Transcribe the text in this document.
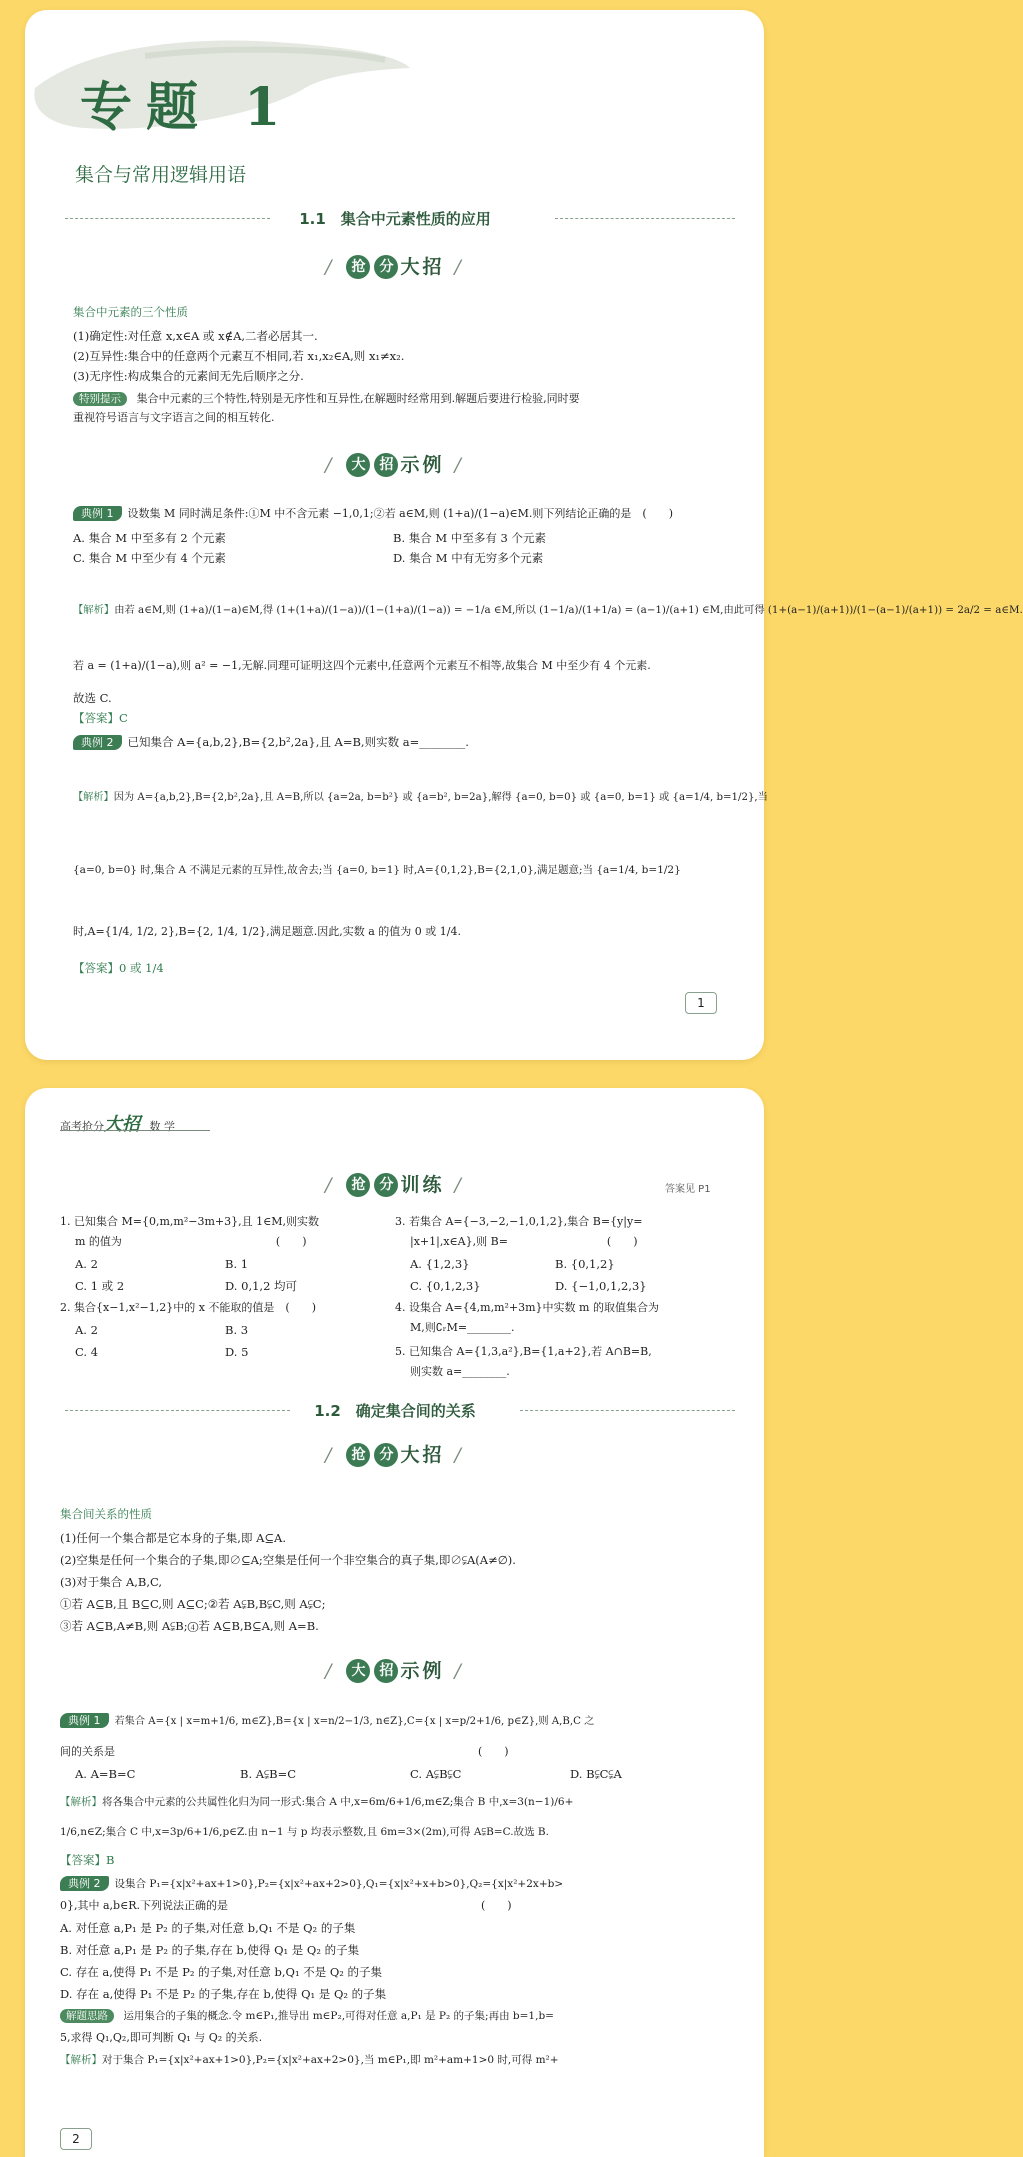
专题 1
集合与常用逻辑用语
1.1　集合中元素性质的应用
/ 抢 分 大招 /
集合中元素的三个性质
(1)确定性:对任意 x,x∈A 或 x∉A,二者必居其一.
(2)互异性:集合中的任意两个元素互不相同,若 x₁,x₂∈A,则 x₁≠x₂.
(3)无序性:构成集合的元素间无先后顺序之分.
特别提示 集合中元素的三个特性,特别是无序性和互异性,在解题时经常用到.解题后要进行检验,同时要
重视符号语言与文字语言之间的相互转化.
/ 大 招 示例 /
典例 1 设数集 M 同时满足条件:①M 中不含元素 −1,0,1;②若 a∈M,则 (1+a)/(1−a)∈M.则下列结论正确的是　(　　)
A. 集合 M 中至多有 2 个元素	B. 集合 M 中至多有 3 个元素
C. 集合 M 中至少有 4 个元素	D. 集合 M 中有无穷多个元素
【解析】由若 a∈M,则 (1+a)/(1−a)∈M,得 (1+(1+a)/(1−a))/(1−(1+a)/(1−a)) = −1/a ∈M,所以 (1−1/a)/(1+1/a) = (a−1)/(a+1) ∈M,由此可得 (1+(a−1)/(a+1))/(1−(a−1)/(a+1)) = 2a/2 = a∈M.
若 a = (1+a)/(1−a),则 a² = −1,无解.同理可证明这四个元素中,任意两个元素互不相等,故集合 M 中至少有 4 个元素.
故选 C.
【答案】C
典例 2 已知集合 A={a,b,2},B={2,b²,2a},且 A=B,则实数 a=________.
【解析】因为 A={a,b,2},B={2,b²,2a},且 A=B,所以 {a=2a, b=b²} 或 {a=b², b=2a},解得 {a=0, b=0} 或 {a=0, b=1} 或 {a=1/4, b=1/2},当
{a=0, b=0} 时,集合 A 不满足元素的互异性,故舍去;当 {a=0, b=1} 时,A={0,1,2},B={2,1,0},满足题意;当 {a=1/4, b=1/2}
时,A={1/4, 1/2, 2},B={2, 1/4, 1/2},满足题意.因此,实数 a 的值为 0 或 1/4.
【答案】0 或 1/4
1
高考抢分大招 数 学
/ 抢 分 训练 /	答案见 P1
1. 已知集合 M={0,m,m²−3m+3},且 1∈M,则实数
m 的值为　　　　　　　　　　　　　　(　　)
A. 2	B. 1
C. 1 或 2	D. 0,1,2 均可
2. 集合{x−1,x²−1,2}中的 x 不能取的值是　(　　)
A. 2	B. 3
C. 4	D. 5
3. 若集合 A={−3,−2,−1,0,1,2},集合 B={y|y=
|x+1|,x∈A},则 B=　　　　　　　　　(　　)
A. {1,2,3}	B. {0,1,2}
C. {0,1,2,3}	D. {−1,0,1,2,3}
4. 设集合 A={4,m,m²+3m}中实数 m 的取值集合为
M,则∁ᵣM=________.
5. 已知集合 A={1,3,a²},B={1,a+2},若 A∩B=B,
则实数 a=________.
1.2　确定集合间的关系
/ 抢 分 大招 /
集合间关系的性质
(1)任何一个集合都是它本身的子集,即 A⊆A.
(2)空集是任何一个集合的子集,即∅⊆A;空集是任何一个非空集合的真子集,即∅⫋A(A≠∅).
(3)对于集合 A,B,C,
①若 A⊆B,且 B⊆C,则 A⊆C;②若 A⫋B,B⫋C,则 A⫋C;
③若 A⊆B,A≠B,则 A⫋B;④若 A⊆B,B⊆A,则 A=B.
/ 大 招 示例 /
典例 1 若集合 A={x | x=m+1/6, m∈Z},B={x | x=n/2−1/3, n∈Z},C={x | x=p/2+1/6, p∈Z},则 A,B,C 之
间的关系是　　　　　　　　　　　　　　　　　　　　　　　　　　　　　　　　　(　　)
A. A=B=C	B. A⫋B=C	C. A⫋B⫋C	D. B⫋C⫋A
【解析】将各集合中元素的公共属性化归为同一形式:集合 A 中,x=6m/6+1/6,m∈Z;集合 B 中,x=3(n−1)/6+
1/6,n∈Z;集合 C 中,x=3p/6+1/6,p∈Z.由 n−1 与 p 均表示整数,且 6m=3×(2m),可得 A⫋B=C.故选 B.
【答案】B
典例 2 设集合 P₁={x|x²+ax+1>0},P₂={x|x²+ax+2>0},Q₁={x|x²+x+b>0},Q₂={x|x²+2x+b>
0},其中 a,b∈R.下列说法正确的是　　　　　　　　　　　　　　　　　　　　　　　(　　)
A. 对任意 a,P₁ 是 P₂ 的子集,对任意 b,Q₁ 不是 Q₂ 的子集
B. 对任意 a,P₁ 是 P₂ 的子集,存在 b,使得 Q₁ 是 Q₂ 的子集
C. 存在 a,使得 P₁ 不是 P₂ 的子集,对任意 b,Q₁ 不是 Q₂ 的子集
D. 存在 a,使得 P₁ 不是 P₂ 的子集,存在 b,使得 Q₁ 是 Q₂ 的子集
解题思路 运用集合的子集的概念.令 m∈P₁,推导出 m∈P₂,可得对任意 a,P₁ 是 P₂ 的子集;再由 b=1,b=
5,求得 Q₁,Q₂,即可判断 Q₁ 与 Q₂ 的关系.
【解析】对于集合 P₁={x|x²+ax+1>0},P₂={x|x²+ax+2>0},当 m∈P₁,即 m²+am+1>0 时,可得 m²+
2
